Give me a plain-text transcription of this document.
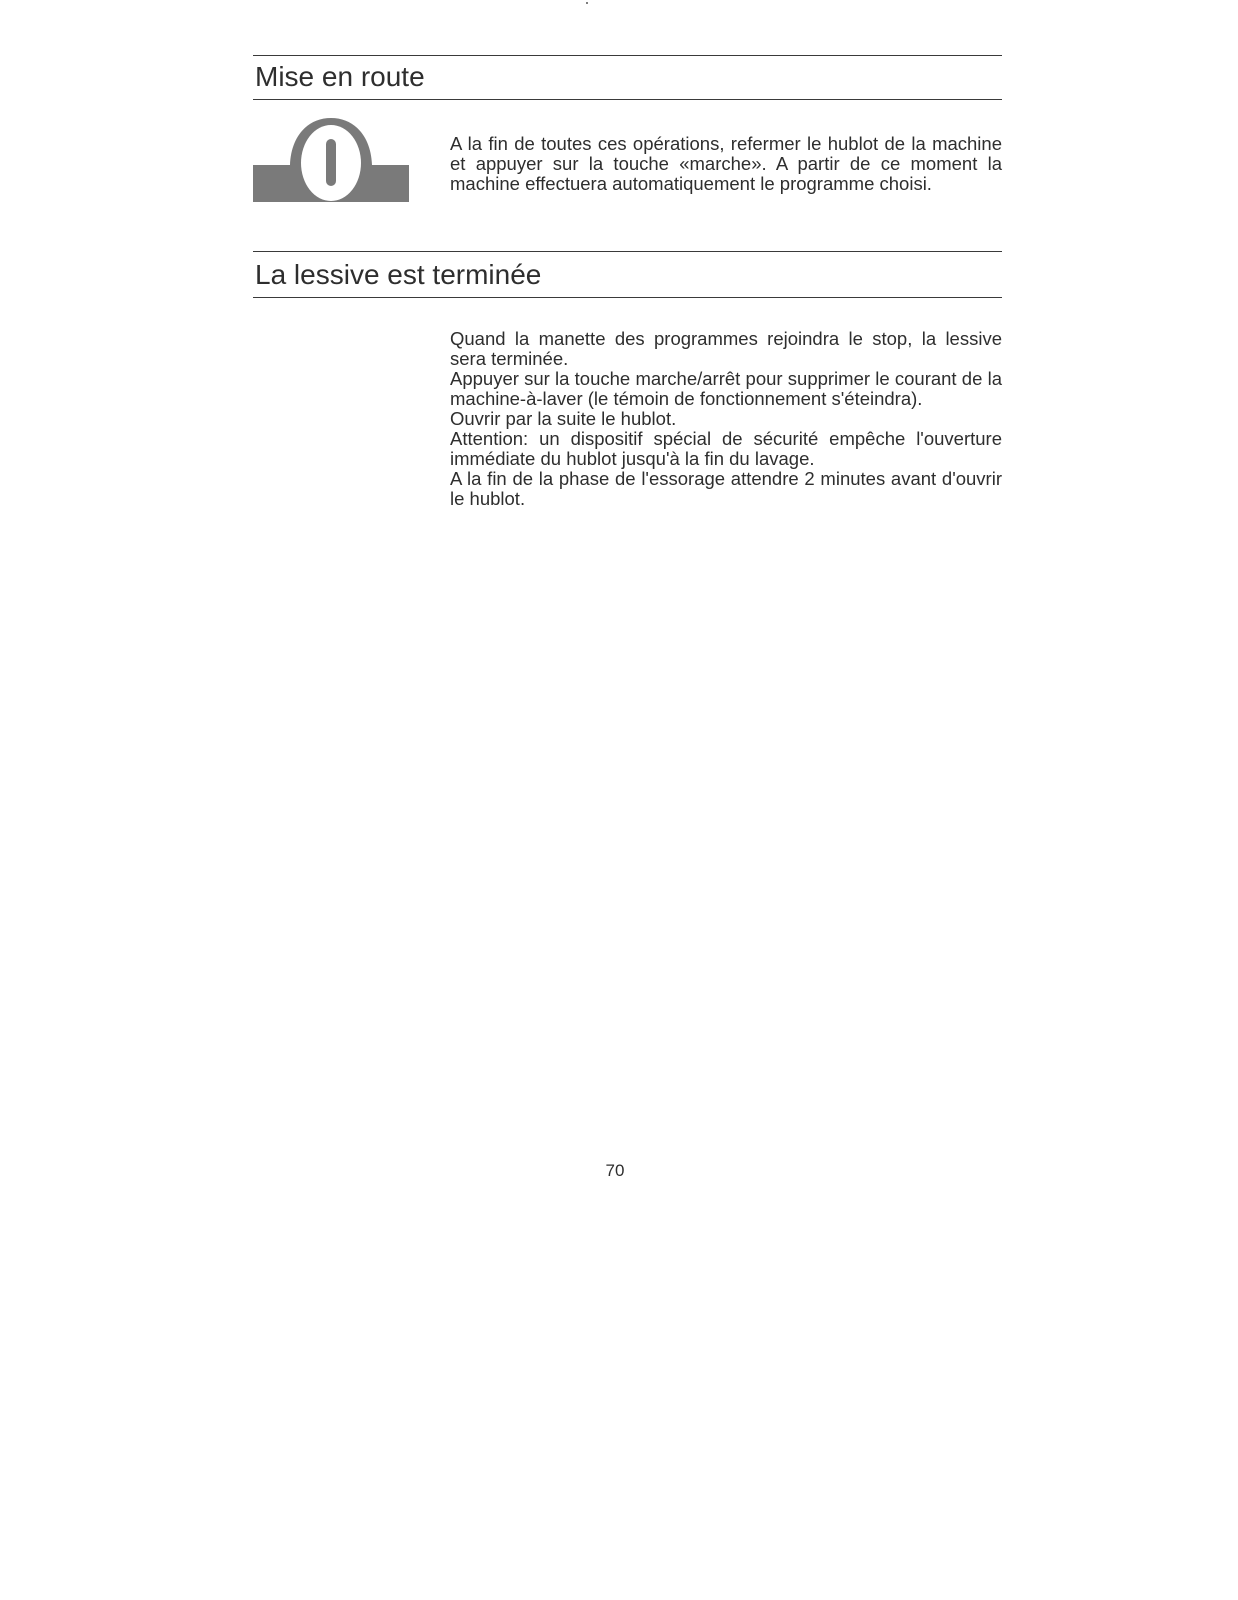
Mise en route

A la fin de toutes ces opérations, refermer le hublot de la machine et appuyer sur la touche «marche». A partir de ce moment la machine effectuera automatiquement le programme choisi.

La lessive est terminée

Quand la manette des programmes rejoindra le stop, la lessive sera terminée.

Appuyer sur la touche marche/arrêt pour supprimer le courant de la machine-à-laver (le témoin de fonctionnement s'éteindra).

Ouvrir par la suite le hublot.

Attention: un dispositif spécial de sécurité empêche l'ouverture immédiate du hublot jusqu'à la fin du lavage.

A la fin de la phase de l'essorage attendre 2 minutes avant d'ouvrir le hublot.

70
